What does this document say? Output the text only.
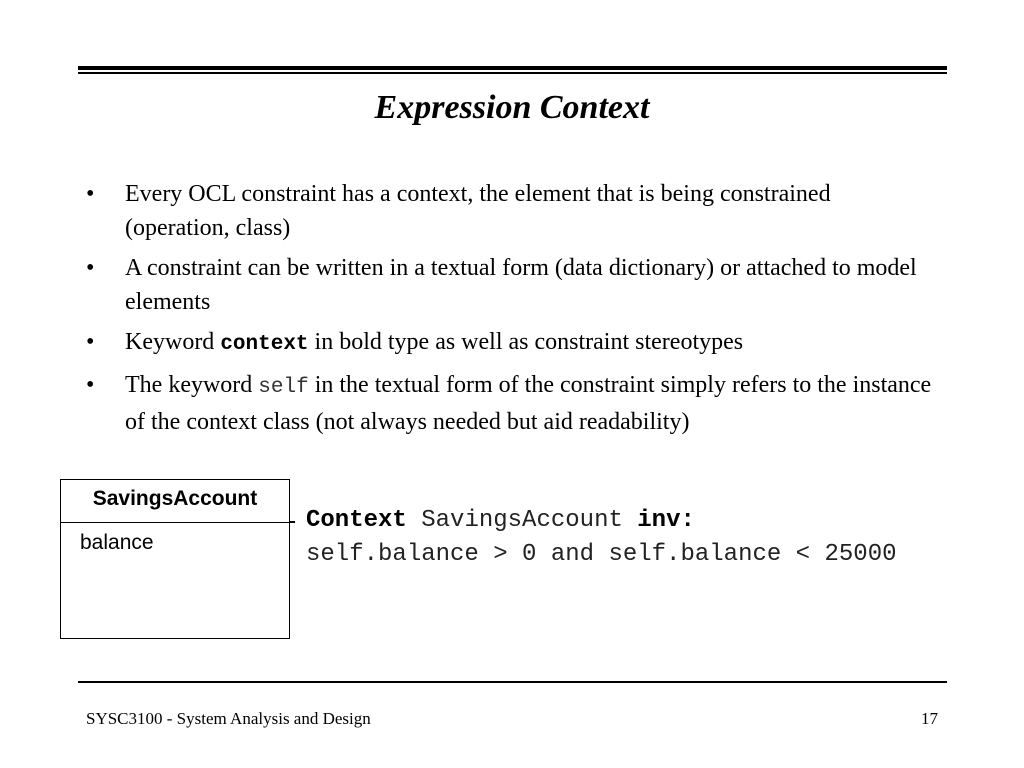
Expression Context
• Every OCL constraint has a context, the element that is being constrained (operation, class)
• A constraint can be written in a textual form (data dictionary) or attached to model elements
• Keyword context in bold type as well as constraint stereotypes
• The keyword self in the textual form of the constraint simply refers to the instance of the context class (not always needed but aid readability)
SavingsAccount
balance
Context SavingsAccount inv:
self.balance > 0 and self.balance < 25000
SYSC3100 - System Analysis and Design	17
